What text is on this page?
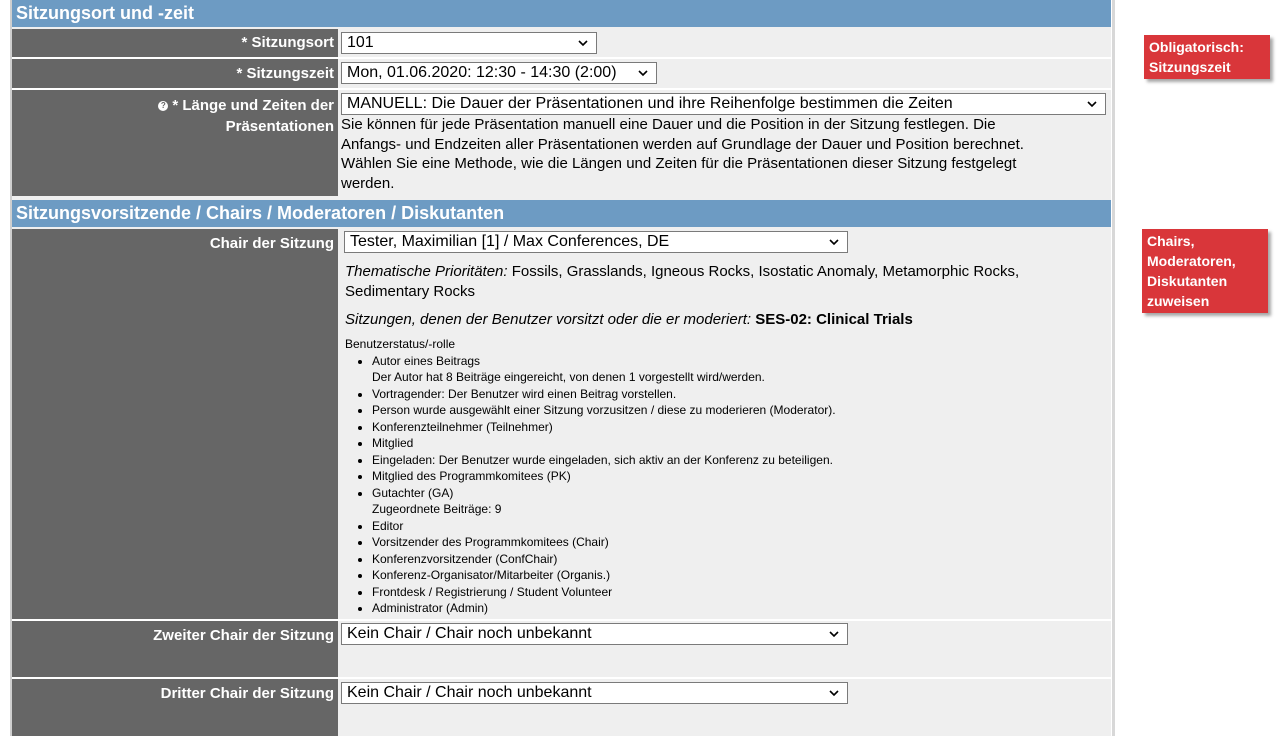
Sitzungsort und -zeit
* Sitzungsort 101
* Sitzungszeit Mon, 01.06.2020: 12:30 - 14:30 (2:00)
? * Länge und Zeiten der
Präsentationen
MANUELL: Die Dauer der Präsentationen und ihre Reihenfolge bestimmen die Zeiten
Sie können für jede Präsentation manuell eine Dauer und die Position in der Sitzung festlegen. Die
Anfangs- und Endzeiten aller Präsentationen werden auf Grundlage der Dauer und Position berechnet.
Wählen Sie eine Methode, wie die Längen und Zeiten für die Präsentationen dieser Sitzung festgelegt
werden.
Sitzungsvorsitzende / Chairs / Moderatoren / Diskutanten
Chair der Sitzung	Tester, Maximilian [1] / Max Conferences, DE
Thematische Prioritäten: Fossils, Grasslands, Igneous Rocks, Isostatic Anomaly, Metamorphic Rocks,
Sedimentary Rocks
Sitzungen, denen der Benutzer vorsitzt oder die er moderiert: SES-02: Clinical Trials
Benutzerstatus/-rolle
• Autor eines Beitrags
Der Autor hat 8 Beiträge eingereicht, von denen 1 vorgestellt wird/werden.
• Vortragender: Der Benutzer wird einen Beitrag vorstellen.
• Person wurde ausgewählt einer Sitzung vorzusitzen / diese zu moderieren (Moderator).
• Konferenzteilnehmer (Teilnehmer)
• Mitglied
• Eingeladen: Der Benutzer wurde eingeladen, sich aktiv an der Konferenz zu beteiligen.
• Mitglied des Programmkomitees (PK)
• Gutachter (GA)
Zugeordnete Beiträge: 9
• Editor
• Vorsitzender des Programmkomitees (Chair)
• Konferenzvorsitzender (ConfChair)
• Konferenz-Organisator/Mitarbeiter (Organis.)
• Frontdesk / Registrierung / Student Volunteer
• Administrator (Admin)
Zweiter Chair der Sitzung Kein Chair / Chair noch unbekannt
Dritter Chair der Sitzung Kein Chair / Chair noch unbekannt
Obligatorisch:
Sitzungszeit
Chairs,
Moderatoren,
Diskutanten
zuweisen
